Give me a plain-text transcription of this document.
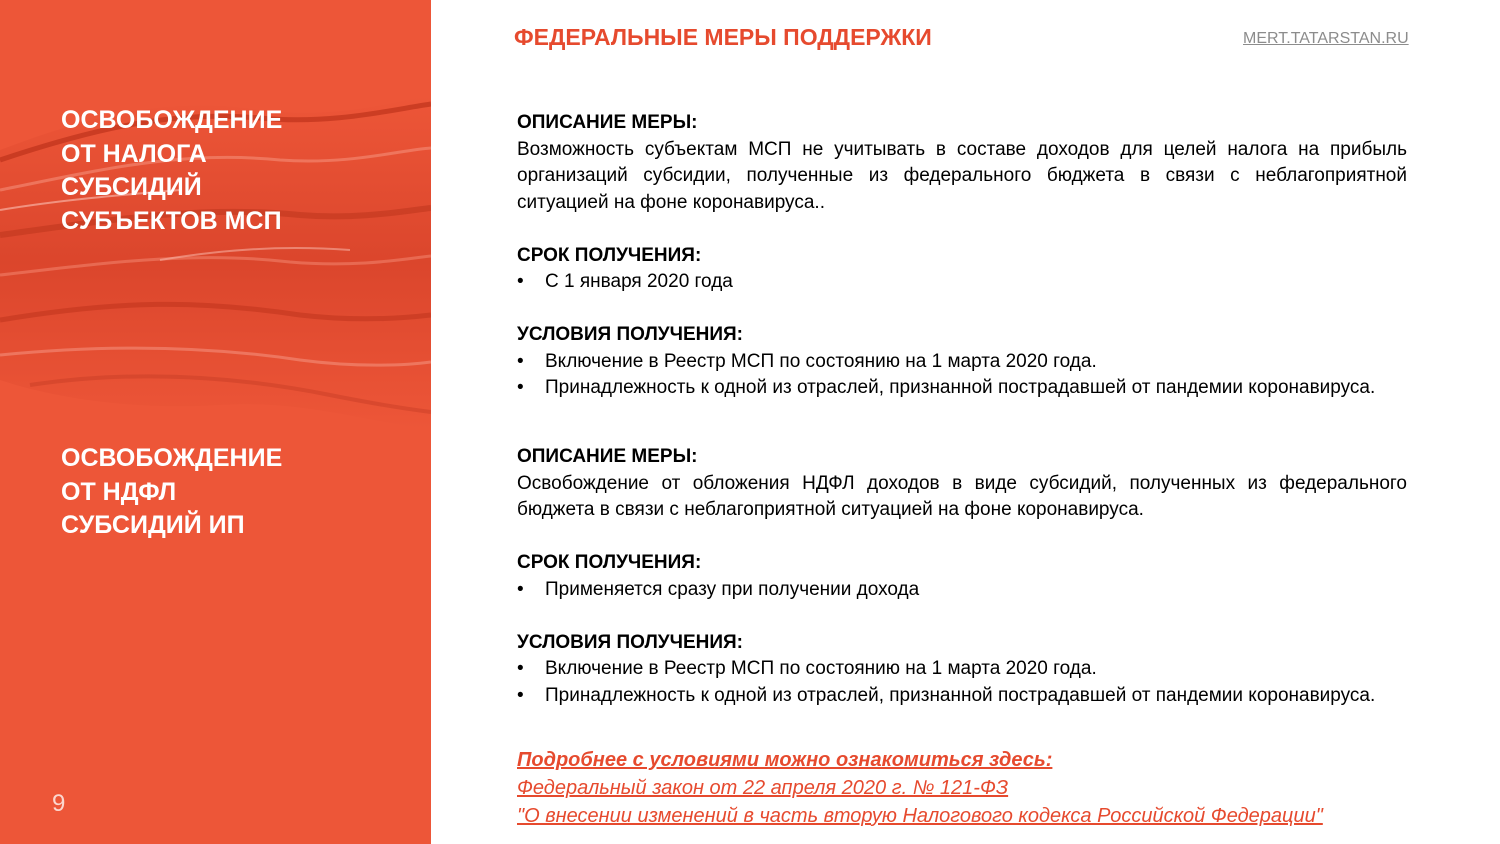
ОСВОБОЖДЕНИЕ
ОТ НАЛОГА
СУБСИДИЙ
СУБЪЕКТОВ МСП
ОСВОБОЖДЕНИЕ
ОТ НДФЛ
СУБСИДИЙ ИП
9
ФЕДЕРАЛЬНЫЕ МЕРЫ ПОДДЕРЖКИ	MERT.TATARSTAN.RU

ОПИСАНИЕ МЕРЫ:

Возможность субъектам МСП не учитывать в составе доходов для целей налога на прибыль организаций субсидии, полученные из федерального бюджета в связи с неблагоприятной ситуацией на фоне коронавируса..

СРОК ПОЛУЧЕНИЯ:

• С 1 января 2020 года

УСЛОВИЯ ПОЛУЧЕНИЯ:

• Включение в Реестр МСП по состоянию на 1 марта 2020 года.

• Принадлежность к одной из отраслей, признанной пострадавшей от пандемии коронавируса.

ОПИСАНИЕ МЕРЫ:

Освобождение от обложения НДФЛ доходов в виде субсидий, полученных из федерального бюджета в связи с неблагоприятной ситуацией на фоне коронавируса.

СРОК ПОЛУЧЕНИЯ:

• Применяется сразу при получении дохода

УСЛОВИЯ ПОЛУЧЕНИЯ:

• Включение в Реестр МСП по состоянию на 1 марта 2020 года.

• Принадлежность к одной из отраслей, признанной пострадавшей от пандемии коронавируса.

Подробнее с условиями можно ознакомиться здесь:
Федеральный закон от 22 апреля 2020 г. № 121-ФЗ
"О внесении изменений в часть вторую Налогового кодекса Российской Федерации"
